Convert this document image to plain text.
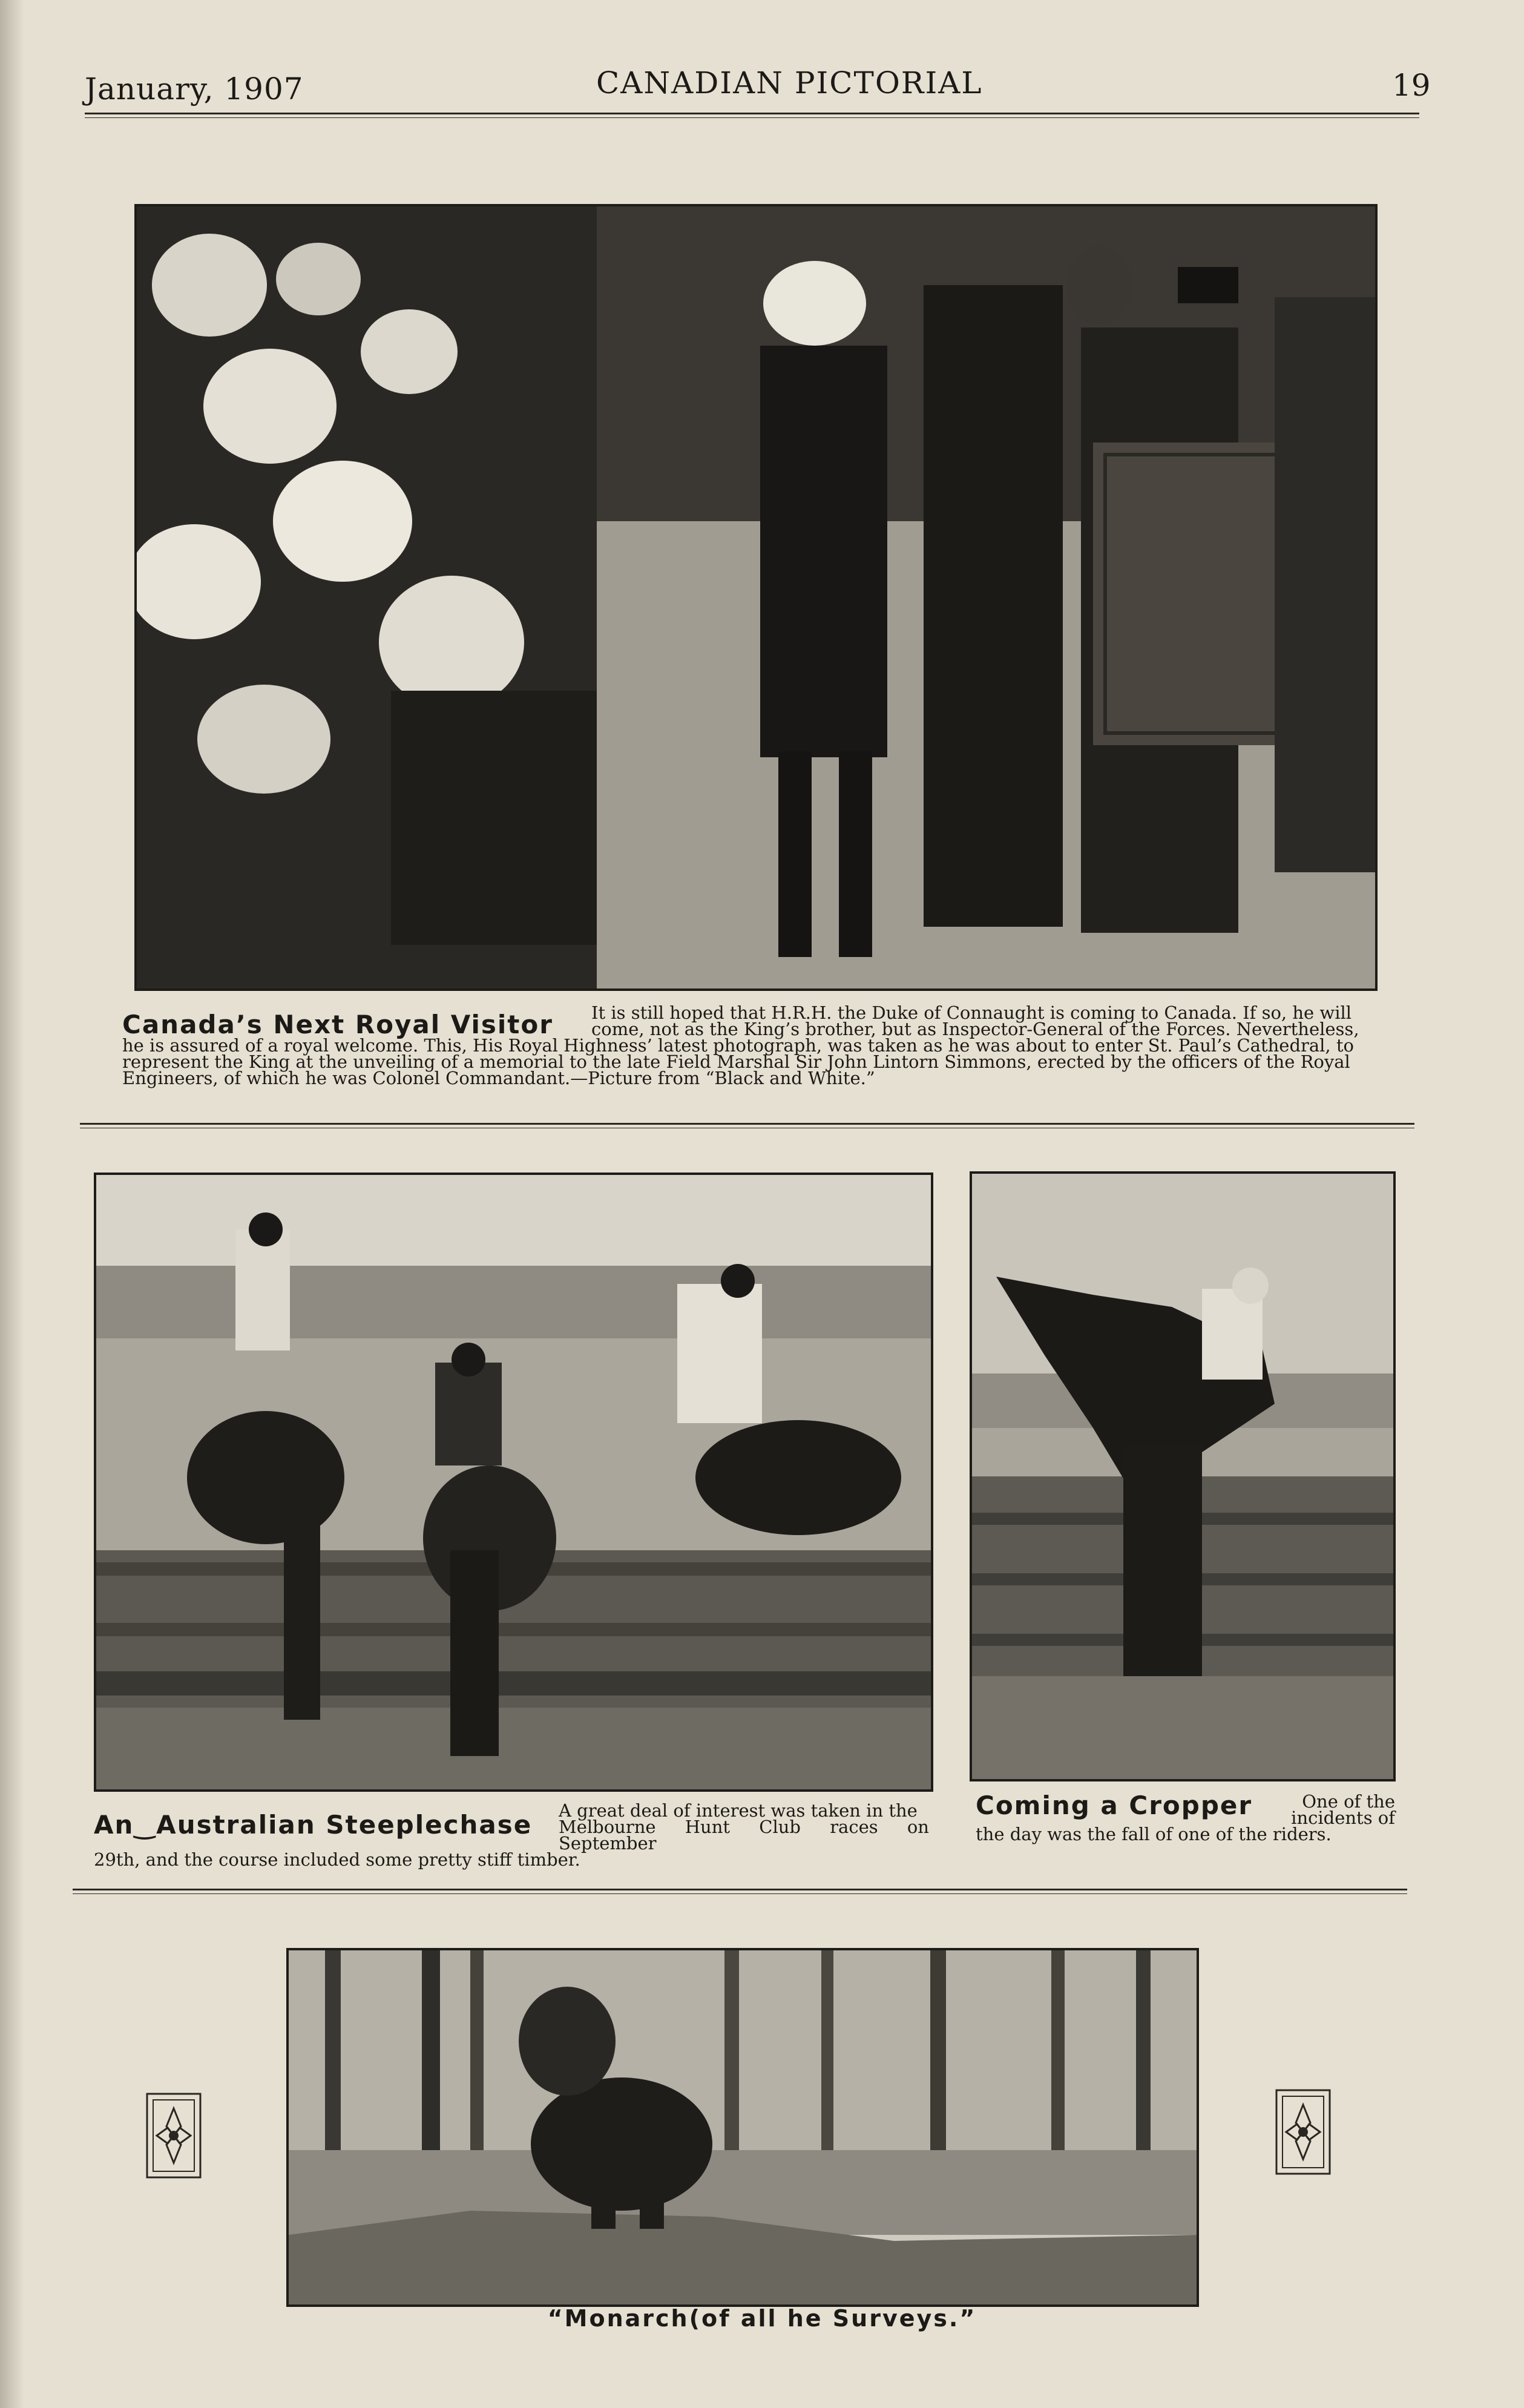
January, 1907	CANADIAN PICTORIAL	19
Canada’s Next Royal Visitor It is still hoped that H.R.H. the Duke of Connaught is coming to Canada. If so, he will

come, not as the King’s brother, but as Inspector-General of the Forces. Nevertheless,

he is assured of a royal welcome. This, His Royal Highness’ latest photograph, was taken as he was about to enter St. Paul’s Cathedral, to

represent the King at the unveiling of a memorial to the late Field Marshal Sir John Lintorn Simmons, erected by the officers of the Royal

Engineers, of which he was Colonel Commandant.—Picture from “Black and White.”

An‿Australian Steeplechase A great deal of interest was taken in the

Melbourne Hunt Club races on September

29th, and the course included some pretty stiff timber.

Coming a Cropper	One of the

incidents of

the day was the fall of one of the riders.

“Monarch(of all he Surveys.”
